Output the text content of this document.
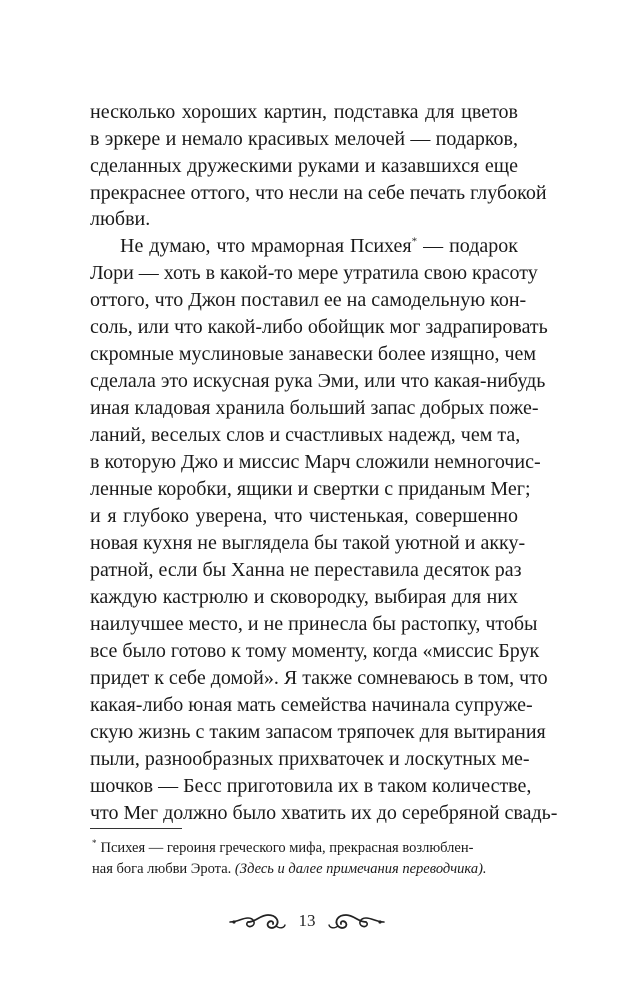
несколько хороших картин, подставка для цветов
в эркере и немало красивых мелочей — подарков,
сделанных дружескими руками и казавшихся еще
прекраснее оттого, что несли на себе печать глубокой
любви.
Не думаю, что мраморная Психея* — подарок
Лори — хоть в какой-то мере утратила свою красоту
оттого, что Джон поставил ее на самодельную кон-
соль, или что какой-либо обойщик мог задрапировать
скромные муслиновые занавески более изящно, чем
сделала это искусная рука Эми, или что какая-нибудь
иная кладовая хранила больший запас добрых поже-
ланий, веселых слов и счастливых надежд, чем та,
в которую Джо и миссис Марч сложили немногочис-
ленные коробки, ящики и свертки с приданым Мег;
и я глубоко уверена, что чистенькая, совершенно
новая кухня не выглядела бы такой уютной и акку-
ратной, если бы Ханна не переставила десяток раз
каждую кастрюлю и сковородку, выбирая для них
наилучшее место, и не принесла бы растопку, чтобы
все было готово к тому моменту, когда «миссис Брук
придет к себе домой». Я также сомневаюсь в том, что
какая-либо юная мать семейства начинала супруже-
скую жизнь с таким запасом тряпочек для вытирания
пыли, разнообразных прихваточек и лоскутных ме-
шочков — Бесс приготовила их в таком количестве,
что Мег должно было хватить их до серебряной свадь-
* Психея — героиня греческого мифа, прекрасная возлюблен-
ная бога любви Эрота. (Здесь и далее примечания переводчика).
13
